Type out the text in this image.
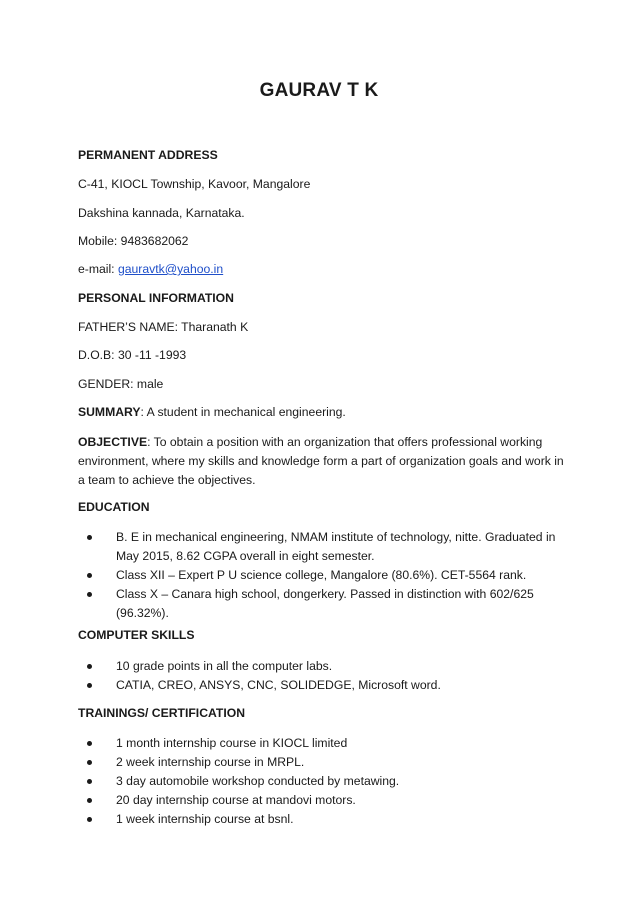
GAURAV T K
PERMANENT ADDRESS
C-41, KIOCL Township, Kavoor, Mangalore
Dakshina kannada, Karnataka.
Mobile: 9483682062
e-mail: gauravtk@yahoo.in
PERSONAL INFORMATION
FATHER’S NAME: Tharanath K
D.O.B: 30 -11 -1993
GENDER: male
SUMMARY: A student in mechanical engineering.
OBJECTIVE: To obtain a position with an organization that offers professional working environment, where my skills and knowledge form a part of organization goals and work in a team to achieve the objectives.
EDUCATION
B. E in mechanical engineering, NMAM institute of technology, nitte. Graduated in May 2015, 8.62 CGPA overall in eight semester.
Class XII – Expert P U science college, Mangalore (80.6%). CET-5564 rank.
Class X – Canara high school, dongerkery. Passed in distinction with 602/625 (96.32%).
COMPUTER SKILLS
10 grade points in all the computer labs.
CATIA, CREO, ANSYS, CNC, SOLIDEDGE, Microsoft word.
TRAININGS/ CERTIFICATION
1 month internship course in KIOCL limited
2 week internship course in MRPL.
3 day automobile workshop conducted by metawing.
20 day internship course at mandovi motors.
1 week internship course at bsnl.
